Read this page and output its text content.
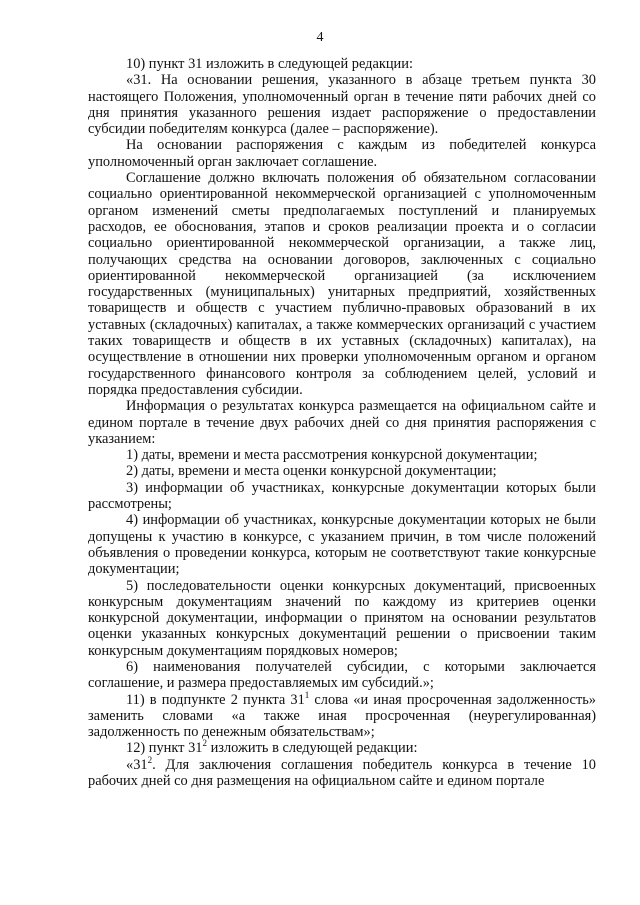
4

10) пункт 31 изложить в следующей редакции:

«31. На основании решения, указанного в абзаце третьем пункта 30 настоящего Положения, уполномоченный орган в течение пяти рабочих дней со дня принятия указанного решения издает распоряжение о предоставлении субсидии победителям конкурса (далее – распоряжение).

На основании распоряжения с каждым из победителей конкурса уполномоченный орган заключает соглашение.

Соглашение должно включать положения об обязательном согласовании социально ориентированной некоммерческой организацией с уполномоченным органом изменений сметы предполагаемых поступлений и планируемых расходов, ее обоснования, этапов и сроков реализации проекта и о согласии социально ориентированной некоммерческой организации, а также лиц, получающих средства на основании договоров, заключенных с социально ориентированной некоммерческой организацией (за исключением государственных (муниципальных) унитарных предприятий, хозяйственных товариществ и обществ с участием публично-правовых образований в их уставных (складочных) капиталах, а также коммерческих организаций с участием таких товариществ и обществ в их уставных (складочных) капиталах), на осуществление в отношении них проверки уполномоченным органом и органом государственного финансового контроля за соблюдением целей, условий и порядка предоставления субсидии.

Информация о результатах конкурса размещается на официальном сайте и едином портале в течение двух рабочих дней со дня принятия распоряжения с указанием:

1) даты, времени и места рассмотрения конкурсной документации;

2) даты, времени и места оценки конкурсной документации;

3) информации об участниках, конкурсные документации которых были рассмотрены;

4) информации об участниках, конкурсные документации которых не были допущены к участию в конкурсе, с указанием причин, в том числе положений объявления о проведении конкурса, которым не соответствуют такие конкурсные документации;

5) последовательности оценки конкурсных документаций, присвоенных конкурсным документациям значений по каждому из критериев оценки конкурсной документации, информации о принятом на основании результатов оценки указанных конкурсных документаций решении о присвоении таким конкурсным документациям порядковых номеров;

6) наименования получателей субсидии, с которыми заключается соглашение, и размера предоставляемых им субсидий.»;

11) в подпункте 2 пункта $31^1$ слова «и иная просроченная задолженность» заменить словами «а также иная просроченная (неурегулированная) задолженность по денежным обязательствам»;

12) пункт $31^2$ изложить в следующей редакции:

«$31^2$. Для заключения соглашения победитель конкурса в течение 10 рабочих дней со дня размещения на официальном сайте и едином портале
